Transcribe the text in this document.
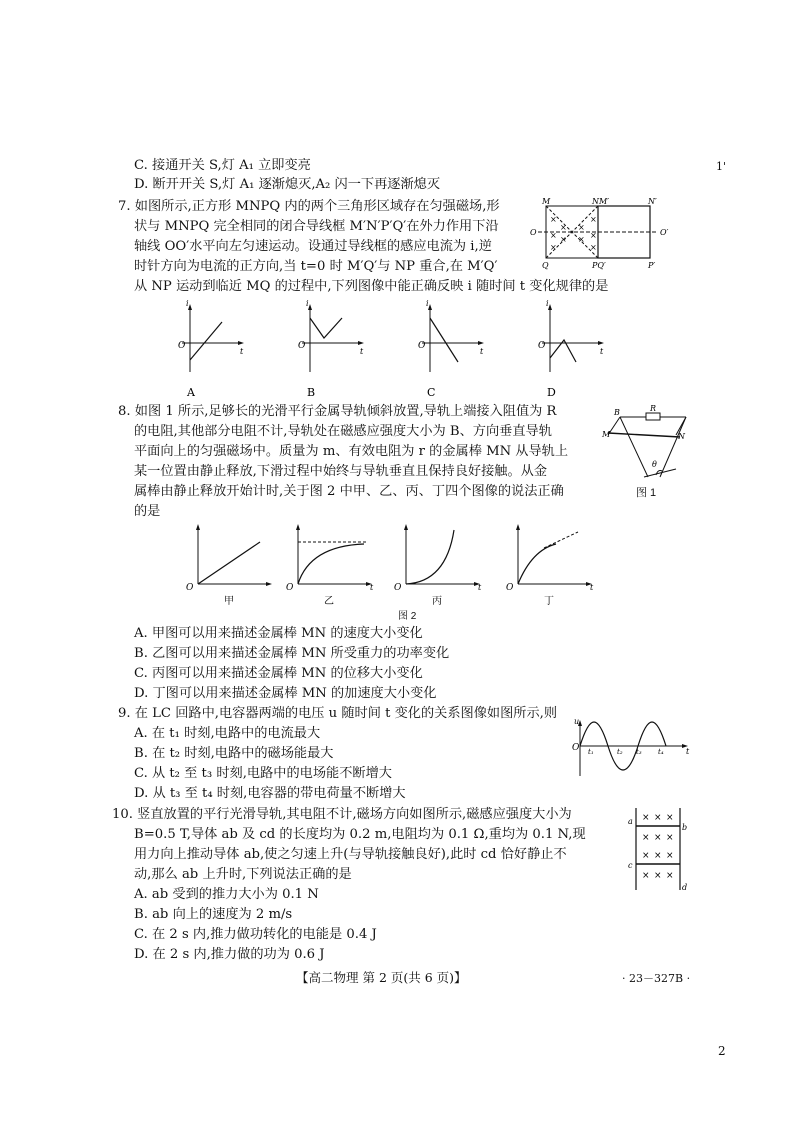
C. 接通开关 S,灯 A₁ 立即变亮
D. 断开开关 S,灯 A₁ 逐渐熄灭,A₂ 闪一下再逐渐熄灭
1'
7. 如图所示,正方形 MNPQ 内的两个三角形区域存在匀强磁场,形
状与 MNPQ 完全相同的闭合导线框 M′N′P′Q′在外力作用下沿
轴线 OO′水平向左匀速运动。设通过导线框的感应电流为 i,逆
时针方向为电流的正方向,当 t=0 时 M′Q′与 NP 重合,在 M′Q′
从 NP 运动到临近 MQ 的过程中,下列图像中能正确反映 i 随时间 t 变化规律的是
×
×
×
×
×
×
×
×
×
×
M	NM′	N′
O	O′
Q	PQ′	P′
i
t
O
A
i
t
O
B
i
t
O
C
i
t
O
D
8. 如图 1 所示,足够长的光滑平行金属导轨倾斜放置,导轨上端接入阻值为 R
的电阻,其他部分电阻不计,导轨处在磁感应强度大小为 B、方向垂直导轨
平面向上的匀强磁场中。质量为 m、有效电阻为 r 的金属棒 MN 从导轨上
某一位置由静止释放,下滑过程中始终与导轨垂直且保持良好接触。从金
属棒由静止释放开始计时,关于图 2 中甲、乙、丙、丁四个图像的说法正确
的是
B	R
M	N
θ
图 1
O
甲
O	t
乙
O	t
丙
O	t
丁
图 2
A. 甲图可以用来描述金属棒 MN 的速度大小变化
B. 乙图可以用来描述金属棒 MN 所受重力的功率变化
C. 丙图可以用来描述金属棒 MN 的位移大小变化
D. 丁图可以用来描述金属棒 MN 的加速度大小变化
9. 在 LC 回路中,电容器两端的电压 u 随时间 t 变化的关系图像如图所示,则
A. 在 t₁ 时刻,电路中的电流最大
B. 在 t₂ 时刻,电路中的磁场能最大
C. 从 t₂ 至 t₃ 时刻,电路中的电场能不断增大
D. 从 t₃ 至 t₄ 时刻,电容器的带电荷量不断增大
u
O	t
t₁	t₂ t₃ t₄
10. 竖直放置的平行光滑导轨,其电阻不计,磁场方向如图所示,磁感应强度大小为
B=0.5 T,导体 ab 及 cd 的长度均为 0.2 m,电阻均为 0.1 Ω,重均为 0.1 N,现
用力向上推动导体 ab,使之匀速上升(与导轨接触良好),此时 cd 恰好静止不
动,那么 ab 上升时,下列说法正确的是
A. ab 受到的推力大小为 0.1 N
B. ab 向上的速度为 2 m/s
C. 在 2 s 内,推力做功转化的电能是 0.4 J
D. 在 2 s 内,推力做的功为 0.6 J
× × ×
× × ×
× × ×
× × ×
a
b
c
d
【高二物理 第 2 页(共 6 页)】	· 23－327B ·
2
